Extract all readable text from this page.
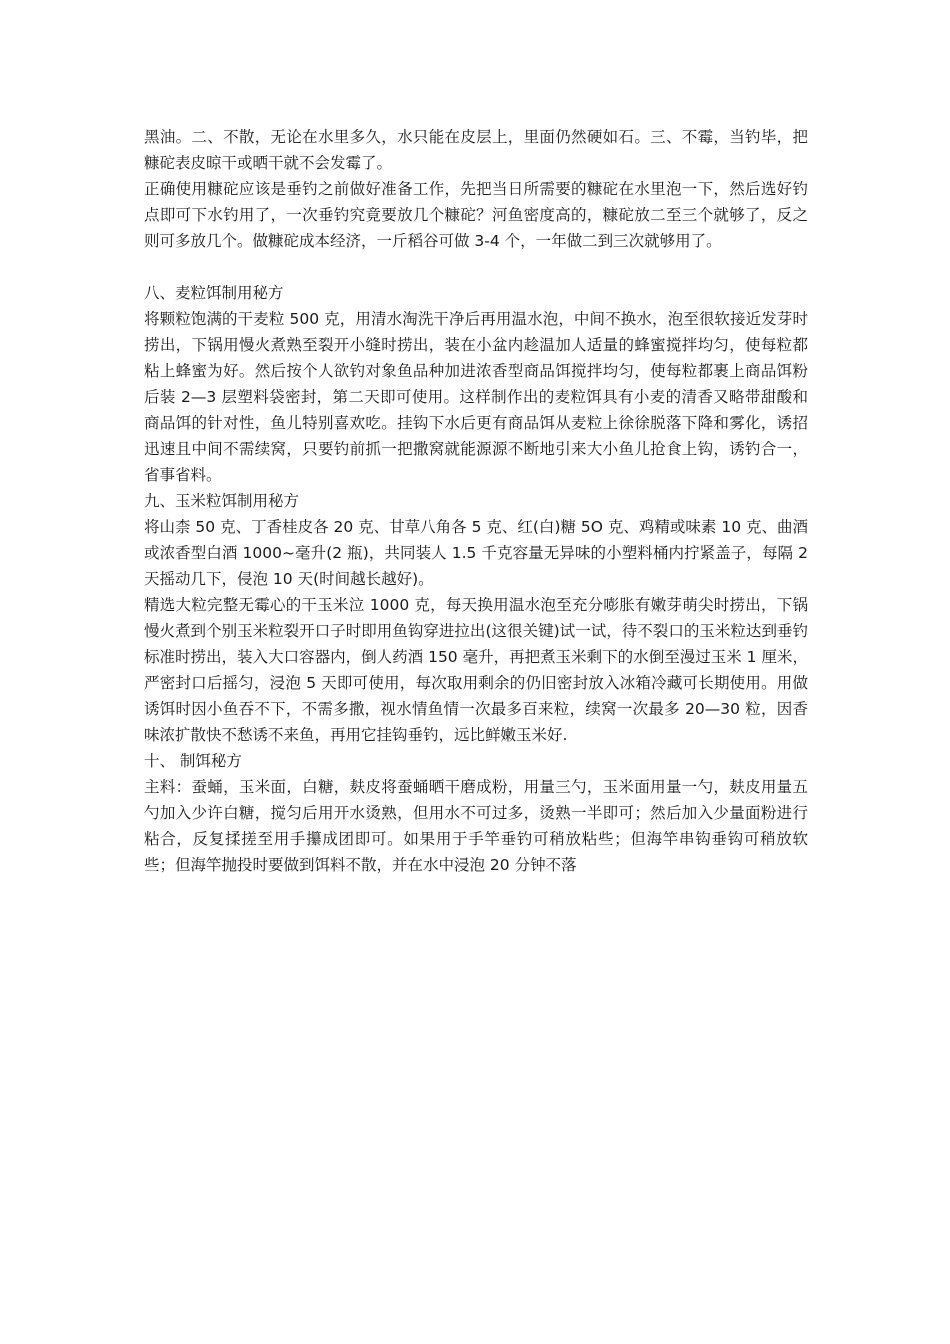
黑油。二、不散，无论在水里多久，水只能在皮层上，里面仍然硬如石。三、不霉，当钓毕，把糠砣表皮晾干或晒干就不会发霉了。

正确使用糠砣应该是垂钓之前做好准备工作，先把当日所需要的糠砣在水里泡一下，然后选好钓点即可下水钓用了，一次垂钓究竟要放几个糠砣？河鱼密度高的，糠砣放二至三个就够了，反之则可多放几个。做糠砣成本经济，一斤稻谷可做 3-4 个，一年做二到三次就够用了。

八、麦粒饵制用秘方

将颗粒饱满的干麦粒 500 克，用清水淘洗干净后再用温水泡，中间不换水，泡至很软接近发芽时捞出，下锅用慢火煮熟至裂开小缝时捞出，装在小盆内趁温加人适量的蜂蜜搅拌均匀，使每粒都粘上蜂蜜为好。然后按个人欲钓对象鱼品种加进浓香型商品饵搅拌均匀，使每粒都裹上商品饵粉后装 2—3 层塑料袋密封，第二天即可使用。这样制作出的麦粒饵具有小麦的清香又略带甜酸和商品饵的针对性，鱼儿特别喜欢吃。挂钩下水后更有商品饵从麦粒上徐徐脱落下降和雾化，诱招迅速且中间不需续窝，只要钓前抓一把撒窝就能源源不断地引来大小鱼儿抢食上钩，诱钓合一，省事省料。

九、玉米粒饵制用秘方

将山柰 50 克、丁香桂皮各 20 克、甘草八角各 5 克、红(白)糖 5O 克、鸡精或味素 10 克、曲酒或浓香型白酒 1000~毫升(2 瓶)，共同装人 1.5 千克容量无异味的小塑料桶内拧紧盖子，每隔 2 天摇动几下，侵泡 10 天(时间越长越好)。

精选大粒完整无霉心的干玉米泣 1000 克，每天换用温水泡至充分嘭胀有嫩芽萌尖时捞出，下锅慢火煮到个别玉米粒裂开口子时即用鱼钩穿进拉出(这很关键)试一试，待不裂口的玉米粒达到垂钓标准时捞出，装入大口容器内，倒人药酒 150 毫升，再把煮玉米剩下的水倒至漫过玉米 1 厘米，严密封口后摇匀，浸泡 5 天即可使用，每次取用剩余的仍旧密封放入冰箱冷藏可长期使用。用做诱饵时因小鱼吞不下，不需多撒，视水情鱼情一次最多百来粒，续窝一次最多 20—30 粒，因香味浓扩散快不愁诱不来鱼，再用它挂钩垂钓，远比鲜嫩玉米好.

十、 制饵秘方

主料：蚕蛹，玉米面，白糖，麸皮将蚕蛹晒干磨成粉，用量三勺，玉米面用量一勺，麸皮用量五勺加入少许白糖，搅匀后用开水烫熟，但用水不可过多，烫熟一半即可；然后加入少量面粉进行粘合，反复揉搓至用手攥成团即可。如果用于手竿垂钓可稍放粘些；但海竿串钩垂钩可稍放软些；但海竿抛投时要做到饵料不散，并在水中浸泡 20 分钟不落
